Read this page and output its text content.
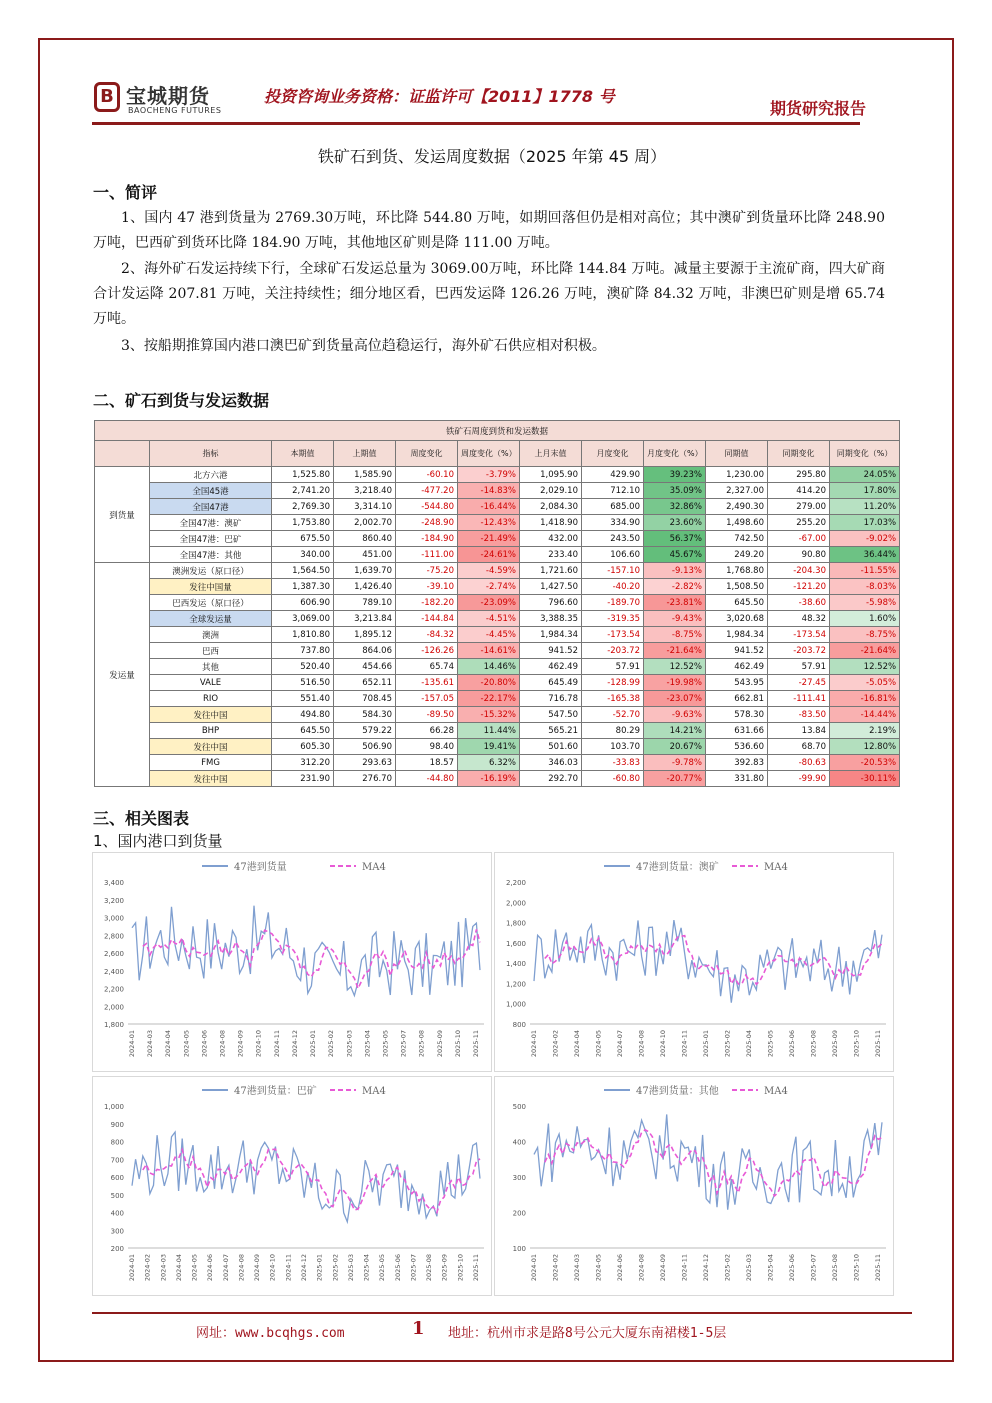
B 宝城期货
BAOCHENG FUTURES
投资咨询业务资格：证监许可【2011】1778 号
期货研究报告
铁矿石到货、发运周度数据（2025 年第 45 周）
一、简评
1、国内 47 港到货量为 2769.30万吨，环比降 544.80 万吨，如期回落但仍是相对高位；其中澳矿到货量环比降 248.90 万吨，巴西矿到货环比降 184.90 万吨，其他地区矿则是降 111.00 万吨。
2、海外矿石发运持续下行，全球矿石发运总量为 3069.00万吨，环比降 144.84 万吨。减量主要源于主流矿商，四大矿商合计发运降 207.81 万吨，关注持续性；细分地区看，巴西发运降 126.26 万吨，澳矿降 84.32 万吨，非澳巴矿则是增 65.74 万吨。
3、按船期推算国内港口澳巴矿到货量高位趋稳运行，海外矿石供应相对积极。
二、矿石到货与发运数据
铁矿石周度到货和发运数据											
	指标	本期值	上期值	周度变化	周度变化（%）	上月末值	月度变化	月度变化（%）	同期值	同期变化	同期变化（%）
到货量	北方六港	1,525.80	1,585.90	-60.10	-3.79%	1,095.90	429.90	39.23%	1,230.00	295.80	24.05%
	全国45港	2,741.20	3,218.40	-477.20	-14.83%	2,029.10	712.10	35.09%	2,327.00	414.20	17.80%
	全国47港	2,769.30	3,314.10	-544.80	-16.44%	2,084.30	685.00	32.86%	2,490.30	279.00	11.20%
	全国47港：澳矿	1,753.80	2,002.70	-248.90	-12.43%	1,418.90	334.90	23.60%	1,498.60	255.20	17.03%
	全国47港：巴矿	675.50	860.40	-184.90	-21.49%	432.00	243.50	56.37%	742.50	-67.00	-9.02%
	全国47港：其他	340.00	451.00	-111.00	-24.61%	233.40	106.60	45.67%	249.20	90.80	36.44%
发运量	澳洲发运（原口径）	1,564.50	1,639.70	-75.20	-4.59%	1,721.60	-157.10	-9.13%	1,768.80	-204.30	-11.55%
	发往中国量	1,387.30	1,426.40	-39.10	-2.74%	1,427.50	-40.20	-2.82%	1,508.50	-121.20	-8.03%
	巴西发运（原口径）	606.90	789.10	-182.20	-23.09%	796.60	-189.70	-23.81%	645.50	-38.60	-5.98%
	全球发运量	3,069.00	3,213.84	-144.84	-4.51%	3,388.35	-319.35	-9.43%	3,020.68	48.32	1.60%
	澳洲	1,810.80	1,895.12	-84.32	-4.45%	1,984.34	-173.54	-8.75%	1,984.34	-173.54	-8.75%
	巴西	737.80	864.06	-126.26	-14.61%	941.52	-203.72	-21.64%	941.52	-203.72	-21.64%
	其他	520.40	454.66	65.74	14.46%	462.49	57.91	12.52%	462.49	57.91	12.52%
	VALE	516.50	652.11	-135.61	-20.80%	645.49	-128.99	-19.98%	543.95	-27.45	-5.05%
	RIO	551.40	708.45	-157.05	-22.17%	716.78	-165.38	-23.07%	662.81	-111.41	-16.81%
	发往中国	494.80	584.30	-89.50	-15.32%	547.50	-52.70	-9.63%	578.30	-83.50	-14.44%
	BHP	645.50	579.22	66.28	11.44%	565.21	80.29	14.21%	631.66	13.84	2.19%
	发往中国	605.30	506.90	98.40	19.41%	501.60	103.70	20.67%	536.60	68.70	12.80%
	FMG	312.20	293.63	18.57	6.32%	346.03	-33.83	-9.78%	392.83	-80.63	-20.53%
	发往中国	231.90	276.70	-44.80	-16.19%	292.70	-60.80	-20.77%	331.80	-99.90	-30.11%
三、相关图表
1、国内港口到货量
47港到货量	MA4
3,400
3,200
3,000
2,800
2,600
2,400
2,200
2,000
1,800
2024-01 2024-03 2024-04 2024-05 2024-06 2024-08 2024-09 2024-10 2024-11 2024-12 2025-01 2025-02 2025-03 2025-04 2025-05 2025-07 2025-08 2025-09 2025-10 2025-11
47港到货量：澳矿	MA4
2,200
2,000
1,800
1,600
1,400
1,200
1,000
800
2024-01 2024-02 2024-04 2024-05 2024-07 2024-08 2024-10 2024-11 2025-01 2025-02 2025-04 2025-05 2025-06 2025-08 2025-09 2025-10 2025-11
47港到货量：巴矿	MA4
1,000
900
800
700
600
500
400
300
200
2024-01 2024-02 2024-03 2024-04 2024-05 2024-06 2024-07 2024-08 2024-09 2024-10 2024-11 2024-12 2025-01 2025-02 2025-03 2025-04 2025-05 2025-06 2025-07 2025-08 2025-09 2025-10 2025-11
47港到货量：其他	MA4
500
400
300
200
100
2024-01 2024-02 2024-03 2024-05 2024-06 2024-08 2024-09 2024-11 2024-12 2025-02 2025-03 2025-04 2025-06 2025-07 2025-08 2025-10 2025-11
网址：www.bcqhgs.com	1 地址：杭州市求是路8号公元大厦东南裙楼1-5层
